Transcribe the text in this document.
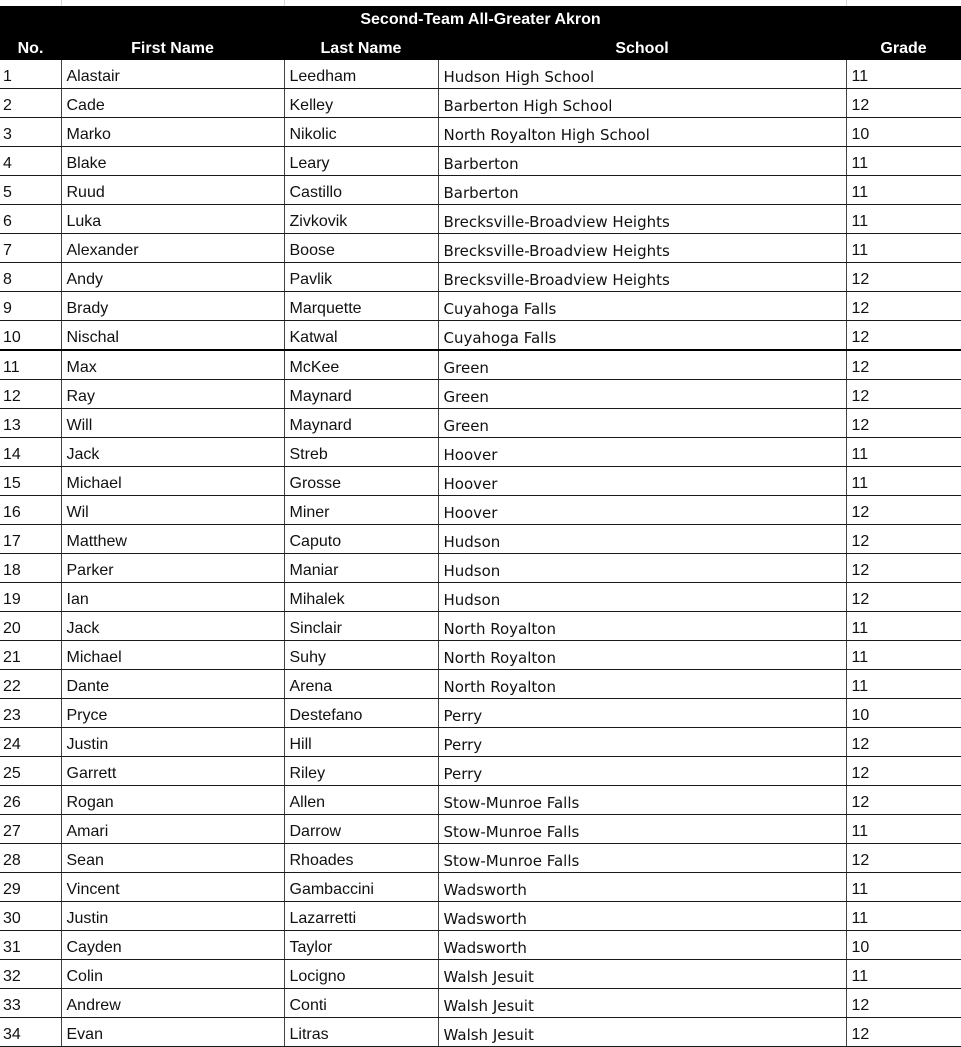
Second-Team All-Greater Akron				
No.	First Name	Last Name	School	Grade
1	Alastair	Leedham	Hudson High School	11
2	Cade	Kelley	Barberton High School	12
3	Marko	Nikolic	North Royalton High School	10
4	Blake	Leary	Barberton	11
5	Ruud	Castillo	Barberton	11
6	Luka	Zivkovik	Brecksville-Broadview Heights	11
7	Alexander	Boose	Brecksville-Broadview Heights	11
8	Andy	Pavlik	Brecksville-Broadview Heights	12
9	Brady	Marquette	Cuyahoga Falls	12
10	Nischal	Katwal	Cuyahoga Falls	12
11	Max	McKee	Green	12
12	Ray	Maynard	Green	12
13	Will	Maynard	Green	12
14	Jack	Streb	Hoover	11
15	Michael	Grosse	Hoover	11
16	Wil	Miner	Hoover	12
17	Matthew	Caputo	Hudson	12
18	Parker	Maniar	Hudson	12
19	Ian	Mihalek	Hudson	12
20	Jack	Sinclair	North Royalton	11
21	Michael	Suhy	North Royalton	11
22	Dante	Arena	North Royalton	11
23	Pryce	Destefano	Perry	10
24	Justin	Hill	Perry	12
25	Garrett	Riley	Perry	12
26	Rogan	Allen	Stow-Munroe Falls	12
27	Amari	Darrow	Stow-Munroe Falls	11
28	Sean	Rhoades	Stow-Munroe Falls	12
29	Vincent	Gambaccini	Wadsworth	11
30	Justin	Lazarretti	Wadsworth	11
31	Cayden	Taylor	Wadsworth	10
32	Colin	Locigno	Walsh Jesuit	11
33	Andrew	Conti	Walsh Jesuit	12
34	Evan	Litras	Walsh Jesuit	12
